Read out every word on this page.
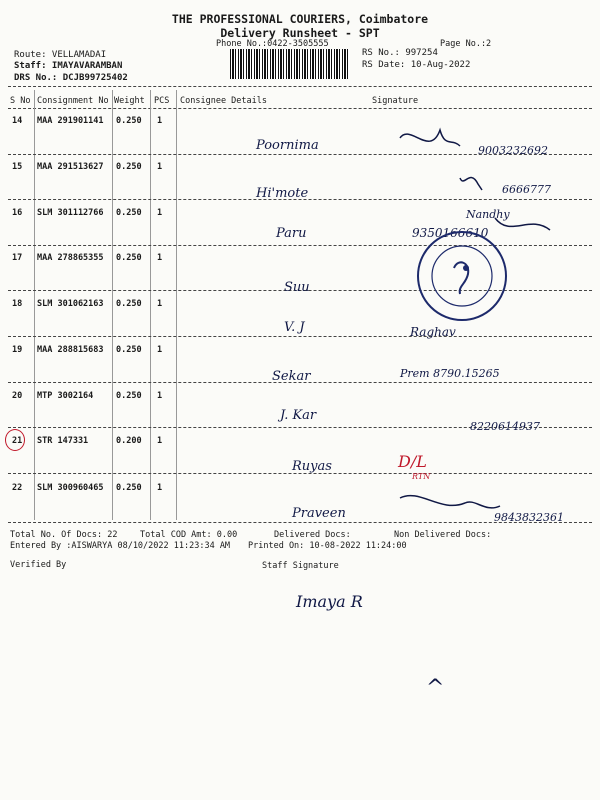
THE PROFESSIONAL COURIERS, Coimbatore
Delivery Runsheet - SPT
Phone No.:0422-3505555	Page No.:2
Route: VELLAMADAI
Staff: IMAYAVARAMBAN
DRS No.: DCJB99725402
RS No.: 997254
RS Date: 10-Aug-2022
S No Consignment No Weight PCS Consignee Details	Signature
14 MAA 291901141 0.250 1
15 MAA 291513627 0.250 1
16 SLM 301112766 0.250 1
17 MAA 278865355 0.250 1
18 SLM 301062163 0.250 1
19 MAA 288815683 0.250 1
20 MTP 3002164	0.250 1
21 STR 147331	0.200 1
22 SLM 300960465 0.250 1
Poornima
Hi'mote
Paru
Suu
V. J
Sekar
J. Kar
Ruyas
Praveen
9003232692
6666777
9350166610
Nandhy
Raghav
Prem 8790.15265
8220614937
D/L
RTN
9843832361
Total No. Of Docs: 22	Total COD Amt: 0.00	Delivered Docs:	Non Delivered Docs:
Entered By :AISWARYA 08/10/2022 11:23:34 AM Printed On: 10-08-2022 11:24:00
Verified By	Staff Signature
Imaya R
^
